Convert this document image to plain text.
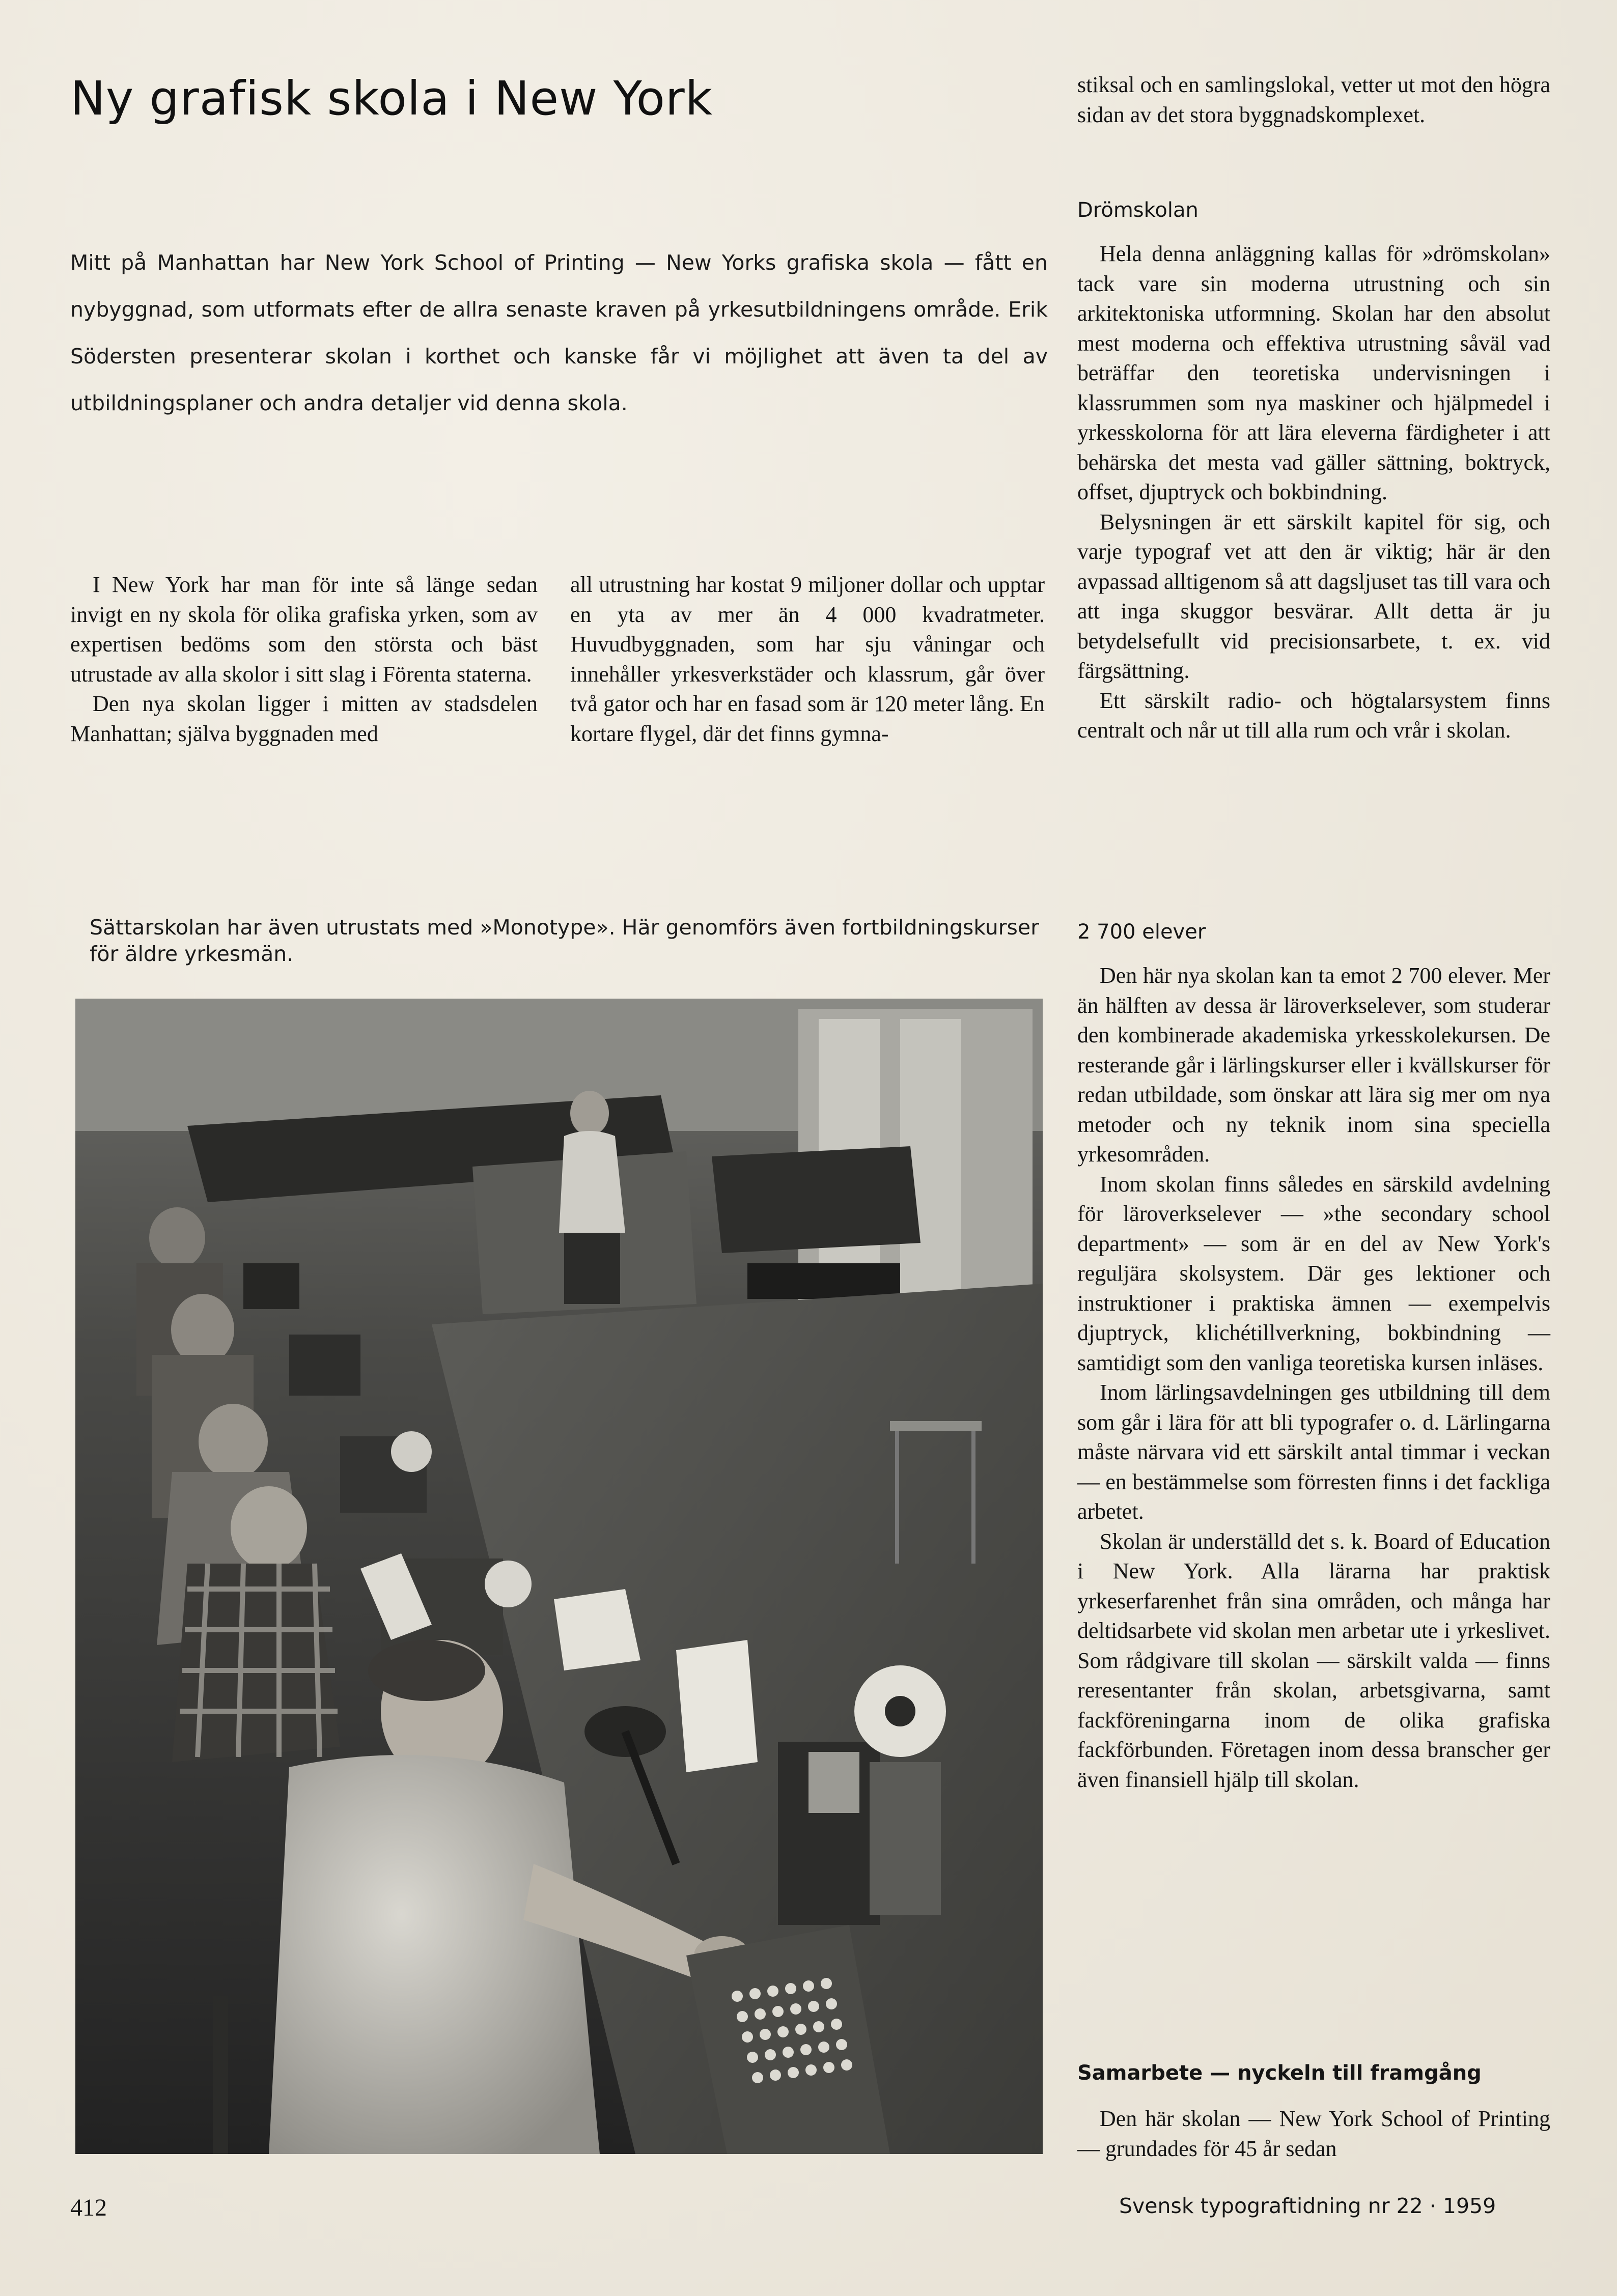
Ny grafisk skola i New York

Mitt på Manhattan har New York School of Printing — New Yorks grafiska skola — fått en nybyggnad, som utformats efter de allra senaste kraven på yrkesutbildningens område. Erik Södersten presenterar skolan i korthet och kanske får vi möjlighet att även ta del av utbildningsplaner och andra detaljer vid denna skola.

I New York har man för inte så länge sedan invigt en ny skola för olika grafiska yrken, som av expertisen bedöms som den största och bäst utrustade av alla skolor i sitt slag i Förenta staterna.

Den nya skolan ligger i mitten av stadsdelen Manhattan; själva byggnaden med

all utrustning har kostat 9 miljoner dollar och upptar en yta av mer än 4 000 kvadratmeter. Huvudbyggnaden, som har sju våningar och innehåller yrkesverkstäder och klassrum, går över två gator och har en fasad som är 120 meter lång. En kortare flygel, där det finns gymna-

stiksal och en samlingslokal, vetter ut mot den högra sidan av det stora byggnadskomplexet.

Drömskolan

Hela denna anläggning kallas för »drömskolan» tack vare sin moderna utrustning och sin arkitektoniska utformning. Skolan har den absolut mest moderna och effektiva utrustning såväl vad beträffar den teoretiska undervisningen i klassrummen som nya maskiner och hjälpmedel i yrkesskolorna för att lära eleverna färdigheter i att behärska det mesta vad gäller sättning, boktryck, offset, djuptryck och bokbindning.

Belysningen är ett särskilt kapitel för sig, och varje typograf vet att den är viktig; här är den avpassad alltigenom så att dagsljuset tas till vara och att inga skuggor besvärar. Allt detta är ju betydelsefullt vid precisionsarbete, t. ex. vid färgsättning.

Ett särskilt radio- och högtalarsystem finns centralt och når ut till alla rum och vrår i skolan.

2 700 elever

Den här nya skolan kan ta emot 2 700 elever. Mer än hälften av dessa är läroverkselever, som studerar den kombinerade akademiska yrkesskolekursen. De resterande går i lärlingskurser eller i kvällskurser för redan utbildade, som önskar att lära sig mer om nya metoder och ny teknik inom sina speciella yrkesområden.

Inom skolan finns således en särskild avdelning för läroverkselever — »the secondary school department» — som är en del av New York's reguljära skolsystem. Där ges lektioner och instruktioner i praktiska ämnen — exempelvis djuptryck, klichétillverkning, bokbindning — samtidigt som den vanliga teoretiska kursen inläses.

Inom lärlingsavdelningen ges utbildning till dem som går i lära för att bli typografer o. d. Lärlingarna måste närvara vid ett särskilt antal timmar i veckan — en bestämmelse som förresten finns i det fackliga arbetet.

Skolan är underställd det s. k. Board of Education i New York. Alla lärarna har praktisk yrkeserfarenhet från sina områden, och många har deltidsarbete vid skolan men arbetar ute i yrkeslivet. Som rådgivare till skolan — särskilt valda — finns reresentanter från skolan, arbetsgivarna, samt fackföreningarna inom de olika grafiska fackförbunden. Företagen inom dessa branscher ger även finansiell hjälp till skolan.

Samarbete — nyckeln till framgång

Den här skolan — New York School of Printing — grundades för 45 år sedan

Sättarskolan har även utrustats med »Monotype». Här genomförs även fortbildningskurser för äldre yrkesmän.

412	Svensk typograftidning nr 22 · 1959
